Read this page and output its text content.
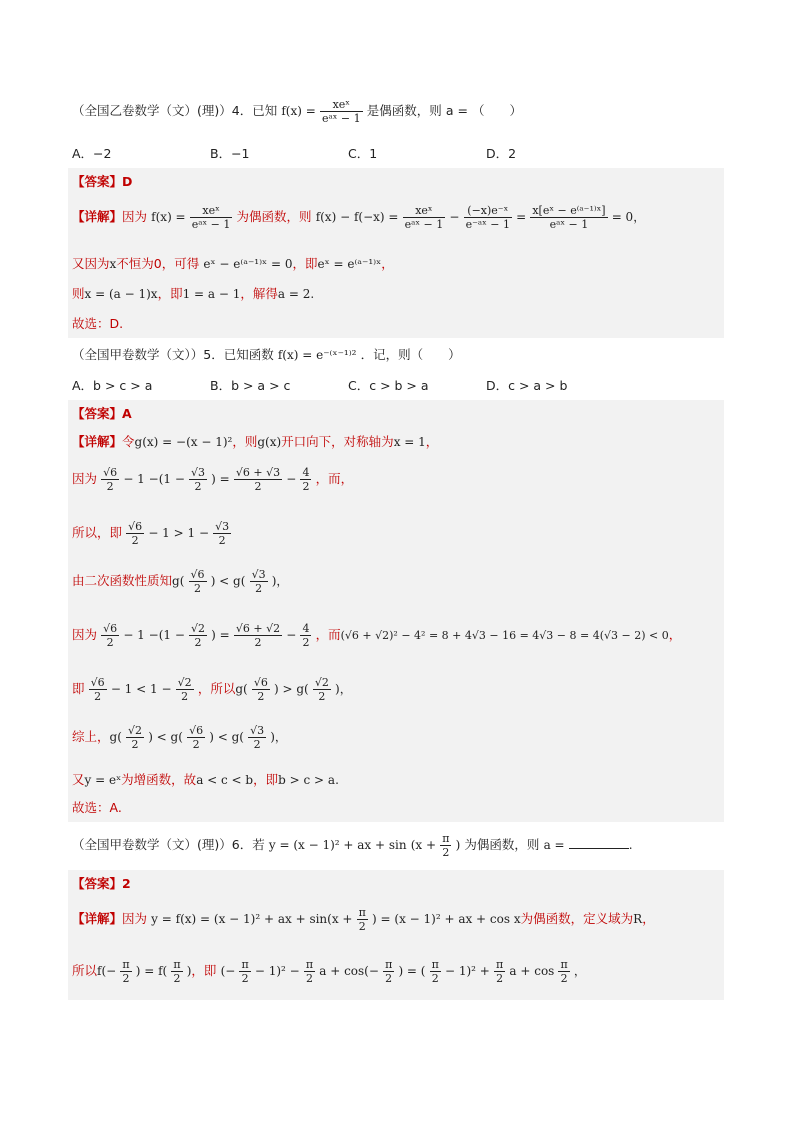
（全国乙卷数学（文）(理)）4．已知 $f(x) = \frac{\text{xeˣ}}{\text{eᵃˣ − 1}}$ 是偶函数，则 a = （　　）
A．−2	B．−1	C．1	D．2
【答案】D
【详解】因为 $f(x) = \frac{\text{xeˣ}}{\text{eᵃˣ − 1}}$ 为偶函数，则 $f(x) - f(-x) = \frac{\text{xeˣ}}{\text{eᵃˣ − 1}} - \frac{\text{(−x)e⁻ˣ}}{\text{e⁻ᵃˣ − 1}} = \frac{\text{x[eˣ − e⁽ᵃ⁻¹⁾ˣ]}}{\text{eᵃˣ − 1}} = 0$，
又因为x不恒为0，可得 eˣ − e⁽ᵃ⁻¹⁾ˣ = 0，即eˣ = e⁽ᵃ⁻¹⁾ˣ，
则x = (a − 1)x，即1 = a − 1，解得a = 2.
故选：D.
（全国甲卷数学（文））5．已知函数 f(x) = e⁻⁽ˣ⁻¹⁾² ．记，则（　　）
A．b > c > a	B．b > a > c	C．c > b > a	D．c > a > b
【答案】A
【详解】令g(x) = −(x − 1)²，则g(x)开口向下，对称轴为x = 1，
因为 $\frac{√6}{2} - 1 -(1 - \frac{√3}{2}$ ) = $\frac{√6 + √3}{2} - \frac{4}{2}$ ，而，
所以，即 $\frac{√6}{2} - 1 > 1 - \frac{√3}{2}$
由二次函数性质知$g( \frac{√6}{2}$ ) < $g( \frac{√3}{2}$ )，
因为 $\frac{√6}{2} - 1 -(1 - \frac{√2}{2}$ ) = $\frac{√6 + √2}{2} - \frac{4}{2}$ ，而(√6 + √2)² − 4² = 8 + 4√3 − 16 = 4√3 − 8 = 4(√3 − 2) < 0，
即 $\frac{√6}{2} - 1 < 1 - \frac{√2}{2}$ ，所以$g( \frac{√6}{2}$ ) > $g( \frac{√2}{2}$ )，
综上，$g( \frac{√2}{2}$ ) < $g( \frac{√6}{2}$ ) < $g( \frac{√3}{2}$ )，
又y = eˣ为增函数，故a < c < b，即b > c > a.
故选：A.
（全国甲卷数学（文）(理)）6．若 y = (x − 1)² + ax + $\sin (x + \frac{\pi}{2}$ ) 为偶函数，则 a =	.
【答案】2
【详解】因为 y = f(x) = (x − 1)² + ax + $\sin(x + \frac{\pi}{2}$ ) = (x − 1)² + ax + cos x为偶函数，定义域为R，
所以$f(- \frac{\pi}{2}$ ) = $f( \frac{\pi}{2}$ )，即 (− $\frac{\pi}{2} - 1)^2 - \frac{\pi}{2}$ $a + \cos(- \frac{\pi}{2}$ ) = ( $\frac{\pi}{2} - 1)^2 + \frac{\pi}{2}$ $a + \cos \frac{\pi}{2}$ ，
